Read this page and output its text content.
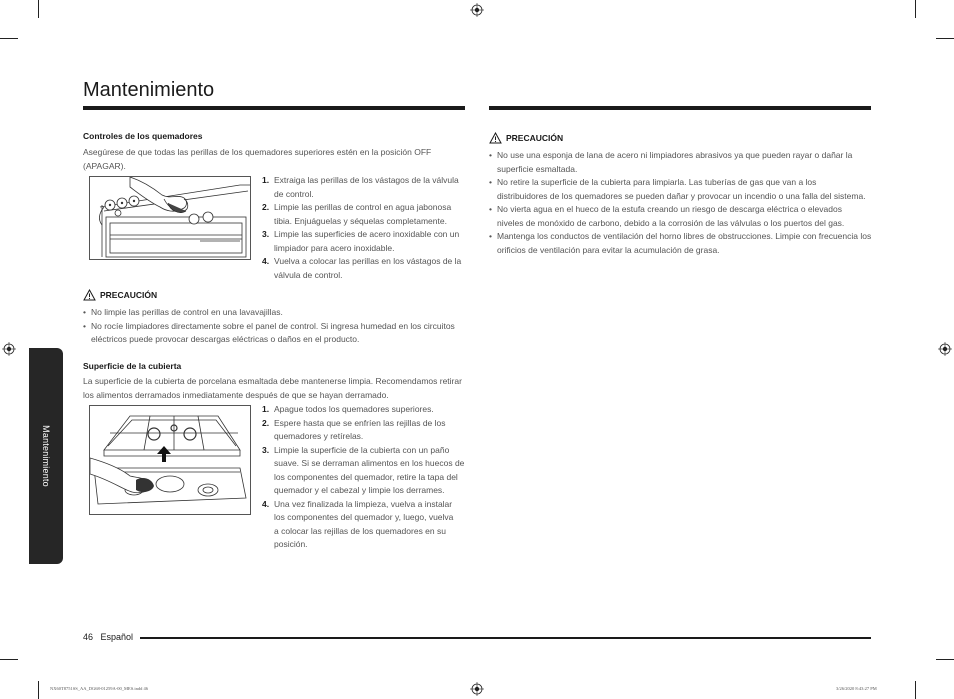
Mantenimiento
Mantenimiento
Controles de los quemadores
Asegúrese de que todas las perillas de los quemadores superiores estén en la posición OFF
(APAGAR).
1. Extraiga las perillas de los vástagos de la válvula
de control.
2. Limpie las perillas de control en agua jabonosa
tibia. Enjuáguelas y séquelas completamente.
3. Limpie las superficies de acero inoxidable con un
limpiador para acero inoxidable.
4. Vuelva a colocar las perillas en los vástagos de la
válvula de control.
PRECAUCIÓN
• No limpie las perillas de control en una lavavajillas.
• No rocíe limpiadores directamente sobre el panel de control. Si ingresa humedad en los circuitos
eléctricos puede provocar descargas eléctricas o daños en el producto.
Superficie de la cubierta
La superficie de la cubierta de porcelana esmaltada debe mantenerse limpia. Recomendamos retirar
los alimentos derramados inmediatamente después de que se hayan derramado.
1. Apague todos los quemadores superiores.
2. Espere hasta que se enfríen las rejillas de los
quemadores y retírelas.
3. Limpie la superficie de la cubierta con un paño
suave. Si se derraman alimentos en los huecos de
los componentes del quemador, retire la tapa del
quemador y el cabezal y limpie los derrames.
4. Una vez finalizada la limpieza, vuelva a instalar
los componentes del quemador y, luego, vuelva
a colocar las rejillas de los quemadores en su
posición.
PRECAUCIÓN
• No use una esponja de lana de acero ni limpiadores abrasivos ya que pueden rayar o dañar la
superficie esmaltada.
• No retire la superficie de la cubierta para limpiarla. Las tuberías de gas que van a los
distribuidores de los quemadores se pueden dañar y provocar un incendio o una falla del sistema.
• No vierta agua en el hueco de la estufa creando un riesgo de descarga eléctrica o elevados
niveles de monóxido de carbono, debido a la corrosión de las válvulas o los puertos del gas.
• Mantenga los conductos de ventilación del horno libres de obstrucciones. Limpie con frecuencia los
orificios de ventilación para evitar la acumulación de grasa.
46 Español
NX60T8751SS_AA_DG68-01259A-00_MES.indd 46	3/26/2020 8:43:27 PM
